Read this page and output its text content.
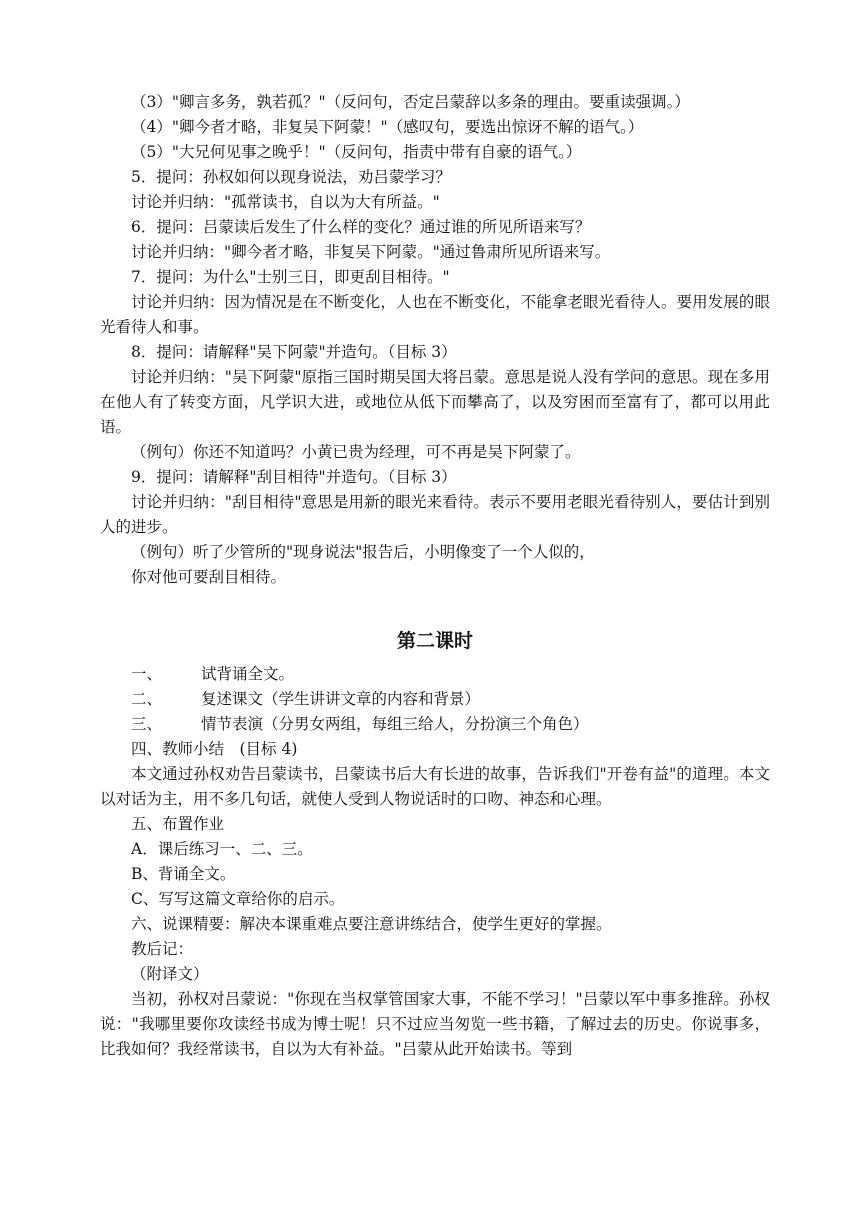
（3）"卿言多务，孰若孤？"（反问句，否定吕蒙辞以多条的理由。要重读强调。）

（4）"卿今者才略，非复吴下阿蒙！"（感叹句，要选出惊讶不解的语气。）

（5）"大兄何见事之晚乎！"（反问句，指责中带有自豪的语气。）

5．提问：孙权如何以现身说法，劝吕蒙学习？

讨论并归纳："孤常读书，自以为大有所益。"

6．提问：吕蒙读后发生了什么样的变化？通过谁的所见所语来写？

讨论并归纳："卿今者才略，非复吴下阿蒙。"通过鲁肃所见所语来写。

7．提问：为什么"士别三日，即更刮目相待。"

讨论并归纳：因为情况是在不断变化，人也在不断变化，不能拿老眼光看待人。要用发展的眼光看待人和事。

8．提问：请解释"吴下阿蒙"并造句。（目标 3）

讨论并归纳："吴下阿蒙"原指三国时期吴国大将吕蒙。意思是说人没有学问的意思。现在多用在他人有了转变方面，凡学识大进，或地位从低下而攀高了，以及穷困而至富有了，都可以用此语。

（例句）你还不知道吗？小黄已贵为经理，可不再是吴下阿蒙了。

9．提问：请解释"刮目相待"并造句。（目标 3）

讨论并归纳："刮目相待"意思是用新的眼光来看待。表示不要用老眼光看待别人，要估计到别人的进步。

（例句）听了少管所的"现身说法"报告后，小明像变了一个人似的，

你对他可要刮目相待。

第二课时
一、	试背诵全文。
二、	复述课文（学生讲讲文章的内容和背景）
三、	情节表演（分男女两组，每组三给人，分扮演三个角色）

四、教师小结　(目标 4)

本文通过孙权劝告吕蒙读书，吕蒙读书后大有长进的故事，告诉我们"开卷有益"的道理。本文以对话为主，用不多几句话，就使人受到人物说话时的口吻、神态和心理。

五、布置作业

A．课后练习一、二、三。

B、背诵全文。

C、写写这篇文章给你的启示。

六、说课精要：解决本课重难点要注意讲练结合，使学生更好的掌握。

教后记：

（附译文）

当初，孙权对吕蒙说："你现在当权掌管国家大事，不能不学习！"吕蒙以军中事多推辞。孙权说："我哪里要你攻读经书成为博士呢！只不过应当匆览一些书籍，了解过去的历史。你说事多，比我如何？我经常读书，自以为大有补益。"吕蒙从此开始读书。等到
